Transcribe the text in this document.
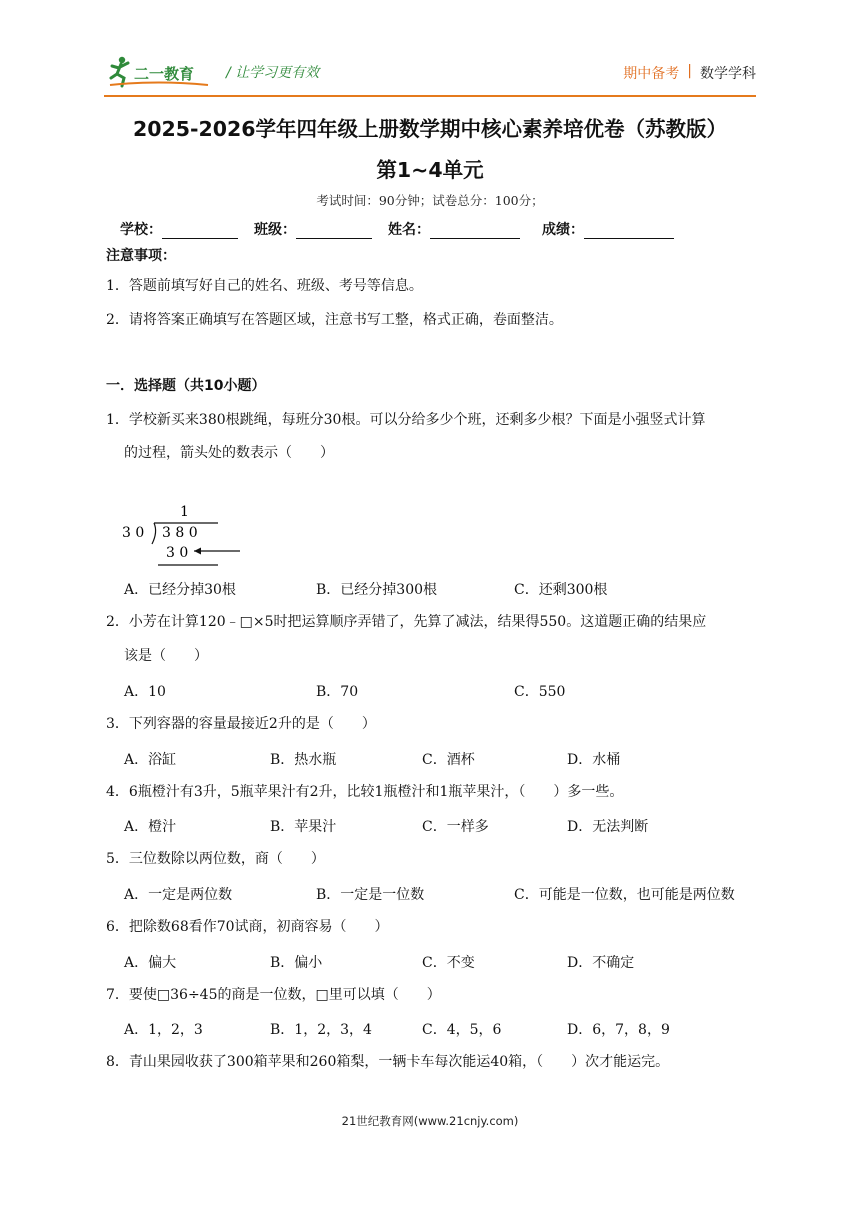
二一教育 / 让学习更有效	期中备考 | 数学学科
2025-2026学年四年级上册数学期中核心素养培优卷（苏教版）
第1~4单元
考试时间：90分钟；试卷总分：100分；
学校：	班级：	姓名：	成绩：
注意事项：
1．答题前填写好自己的姓名、班级、考号等信息。
2．请将答案正确填写在答题区域，注意书写工整，格式正确，卷面整洁。
一．选择题（共10小题）
1．学校新买来380根跳绳，每班分30根。可以分给多少个班，还剩多少根？下面是小强竖式计算
的过程，箭头处的数表示（　　）
1
3 0 3 8 0
3 0
A．已经分掉30根	B．已经分掉300根	C．还剩300根
2．小芳在计算120﹣□×5时把运算顺序弄错了，先算了减法，结果得550。这道题正确的结果应
该是（　　）
A．10	B．70	C．550
3．下列容器的容量最接近2升的是（　　）
A．浴缸	B．热水瓶	C．酒杯	D．水桶
4．6瓶橙汁有3升，5瓶苹果汁有2升，比较1瓶橙汁和1瓶苹果汁，（　　）多一些。
A．橙汁	B．苹果汁	C．一样多	D．无法判断
5．三位数除以两位数，商（　　）
A．一定是两位数	B．一定是一位数	C．可能是一位数，也可能是两位数
6．把除数68看作70试商，初商容易（　　）
A．偏大	B．偏小	C．不变	D．不确定
7．要使□36÷45的商是一位数，□里可以填（　　）
A．1，2，3	B．1，2，3，4	C．4，5，6	D．6，7，8，9
8．青山果园收获了300箱苹果和260箱梨，一辆卡车每次能运40箱，（　　）次才能运完。
21世纪教育网(www.21cnjy.com)
